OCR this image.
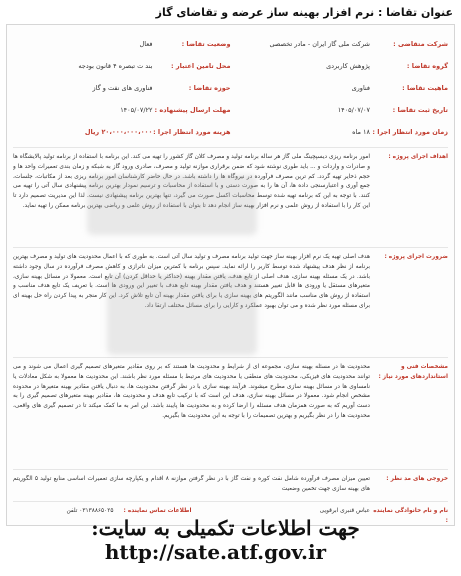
عنوان تقاضا : نرم افزار بهینه ساز عرضه و تقاضای گاز
شرکت متقاضی :
شرکت ملی گاز ایران - مادر تخصصی
وضعیت تقاضا :
فعال
گروه تقاضا :
پژوهش کاربردی
محل تامین اعتبار :
بند ت تبصره ۴ قانون بودجه
ماهیت تقاضا :
فناوری
حوزه تقاضا :
فناوری های نفت و گاز
تاریخ ثبت تقاضا :
۱۴۰۵/۰۷/۰۷
مهلت ارسال پیشنهاده :
۱۴۰۵/۰۷/۲۲
زمان مورد انتظار اجرا :
۱۸ ماه
هزینه مورد انتظار اجرا :
۲۰،۰۰۰،۰۰۰،۰۰۰ ریال
اهداف اجرای پروژه :
امور برنامه ریزی دیسپچینگ ملی گاز هر ساله برنامه تولید و مصرف کلان گاز کشور را تهیه می کند. این برنامه با استفاده از برنامه تولید پالایشگاه ها و صادرات و واردات و ... باید طوری نوشته شود که ضمن برقراری موازنه تولید و مصرف، صادری ورود گاز به شبکه و زمان بندی تعمیرات واحد ها و حجم ذخایر تهیه گردد. کم ترین مصرف فرآورده در نیروگاه ها را داشته باشد. در حال حاضر کارشناسان امور برنامه ریزی بعد از مکاتبات، جلسات، جمع آوری و اعتبارسنجی داده ها، آن ها را به صورت دستی و با استفاده از محاسبات و ترسیم نمودار بهترین برنامه پیشنهادی سال آتی را تهیه می کنند. با توجه به این که برنامه تهیه شده توسط محاسبات اکسل صورت می گیرد، تنها بهترین برنامه پیشنهادی نیست. لذا این مدیریت تصمیم دارد تا این کار را با استفاده از روش علمی و نرم افزار بهینه ساز انجام دهد تا بتوان با استفاده از روش علمی و ریاضی بهترین برنامه ممکن را تهیه نماید.
ضرورت اجرای پروژه :
هدف اصلی تهیه یک نرم افزار بهینه ساز جهت تولید برنامه مصرف و تولید سال آتی است. به طوری که با اعمال محدودیت های تولید و مصرف بهترین برنامه از نظر هدف پیشنهاد شده توسط کاربر را ارائه نماید. سپس برنامه با کمترین میزان ناترازی و کاهش مصرف فرآورده در سال وجود داشته باشد. در یک مسئله بهینه سازی، هدف اصلی از تابع هدف، یافتن مقدار بهینه (حداکثر یا حداقل کردن) آن تابع است. معمولا در مسائل بهینه سازی، متغیرهای مستقل یا ورودی ها قابل تغییر هستند و هدف یافتن مقدار بهینه تابع هدف با تغییر این ورودی ها است. با تعریف یک تابع هدف مناسب و استفاده از روش های مناسب مانند الگوریتم های بهینه سازی یا برای یافتن مقدار بهینه آن تابع تلاش کرد. این کار منجر به پیدا کردن راه حل بهینه ای برای مسئله مورد نظر شده و می توان بهبود عملکرد و کارایی را برای مسائل مختلف ارتقا داد.
مشخصات فنی و استانداردهای مورد نیاز :
محدودیت ها در مسئله بهینه سازی، مجموعه ای از شرایط و محدودیت ها هستند که بر روی مقادیر متغیرهای تصمیم گیری اعمال می شوند و می توانند محدودیت های فیزیکی، محدودیت های منطقی یا محدودیت های مرتبط با مسئله مورد نظر باشند. این محدودیت ها معمولا به شکل معادلات یا نامساوی ها در مسائل بهینه سازی مطرح میشوند. فرآیند بهینه سازی با در نظر گرفتن محدودیت ها، به دنبال یافتن مقادیر بهینه متغیرها در محدوده مشخص انجام شود. معمولا در مسائل بهینه سازی، هدف این است که با ترکیب تابع هدف و محدودیت ها، مقادیر بهینه متغیرهای تصمیم گیری را به دست آوریم که به صورت همزمان هدف مسئله را ارضا کرده و به محدودیت ها پایبند باشد. این امر به ما کمک میکند تا در تصمیم گیری های واقعی، محدودیت ها را در نظر بگیریم و بهترین تصمیمات را با توجه به این محدودیت ها بگیریم.
خروجی های مد نظر :
تعیین میزان مصرف فرآورده شامل نفت کوره و نفت گاز با در نظر گرفتن موازنه ۸ اقدام و یکپارچه سازی تعمیرات اساسی منابع تولید ۵ الگوریتم های بهینه سازی جهت تخمین وضعیت
نام و نام خانوادگی نماینده :
عباس قنبری ابرقویی
اطلاعات تماس نماینده :
۰۳۱۳۸۸۶۵۰۲۵ تلفن
جهت اطلاعات تکمیلی به سایت:
http://sate.atf.gov.ir
